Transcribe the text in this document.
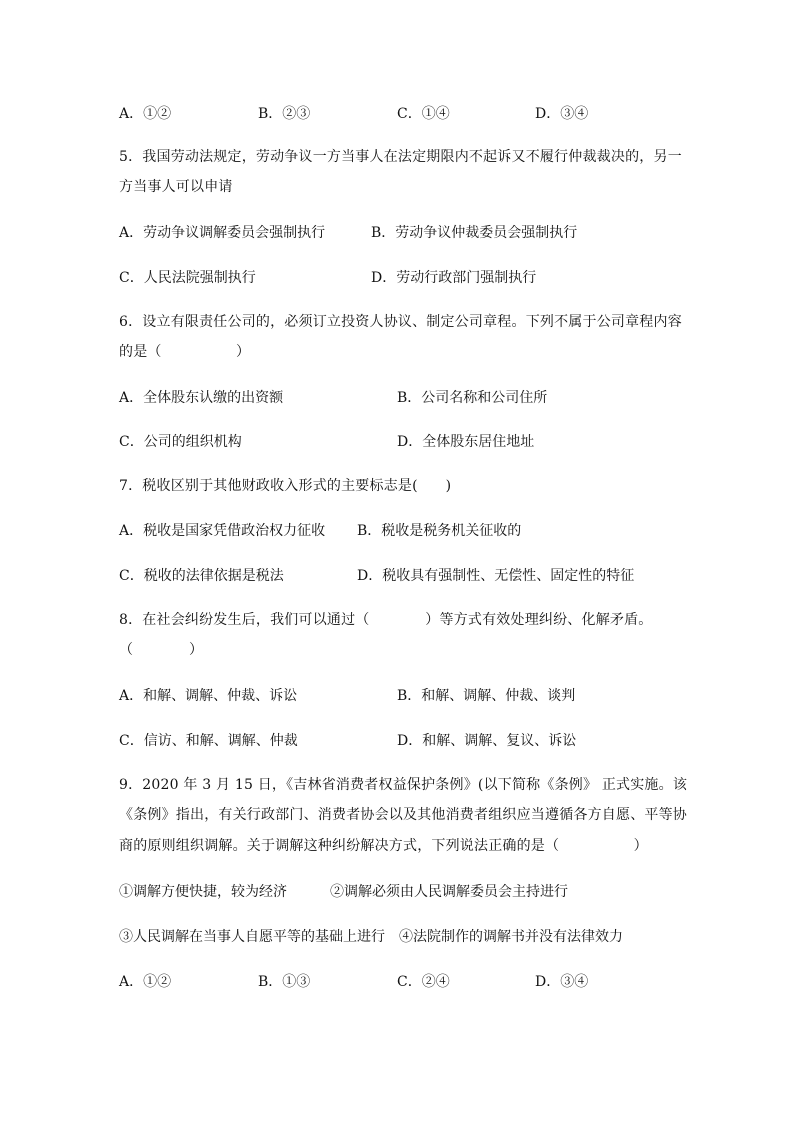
A．①②	B．②③	C．①④	D．③④
5．我国劳动法规定，劳动争议一方当事人在法定期限内不起诉又不履行仲裁裁决的，另一
方当事人可以申请
A．劳动争议调解委员会强制执行	B．劳动争议仲裁委员会强制执行
C．人民法院强制执行	D．劳动行政部门强制执行
6．设立有限责任公司的，必须订立投资人协议、制定公司章程。下列不属于公司章程内容
的是（                ）
A．全体股东认缴的出资额	B．公司名称和公司住所
C．公司的组织机构	D．全体股东居住地址
7．税收区别于其他财政收入形式的主要标志是(      )
A．税收是国家凭借政治权力征收 B．税收是税务机关征收的
C．税收的法律依据是税法	D．税收具有强制性、无偿性、固定性的特征
8．在社会纠纷发生后，我们可以通过（            ）等方式有效处理纠纷、化解矛盾。
（            ）
A．和解、调解、仲裁、诉讼	B．和解、调解、仲裁、谈判
C．信访、和解、调解、仲裁	D．和解、调解、复议、诉讼
9．2020 年 3 月 15 日，《吉林省消费者权益保护条例》(以下简称《条例》 正式实施。该
《条例》指出，有关行政部门、消费者协会以及其他消费者组织应当遵循各方自愿、平等协
商的原则组织调解。关于调解这种纠纷解决方式，下列说法正确的是（                ）
①调解方便快捷，较为经济	②调解必须由人民调解委员会主持进行
③人民调解在当事人自愿平等的基础上进行 ④法院制作的调解书并没有法律效力
A．①②	B．①③	C．②④	D．③④
